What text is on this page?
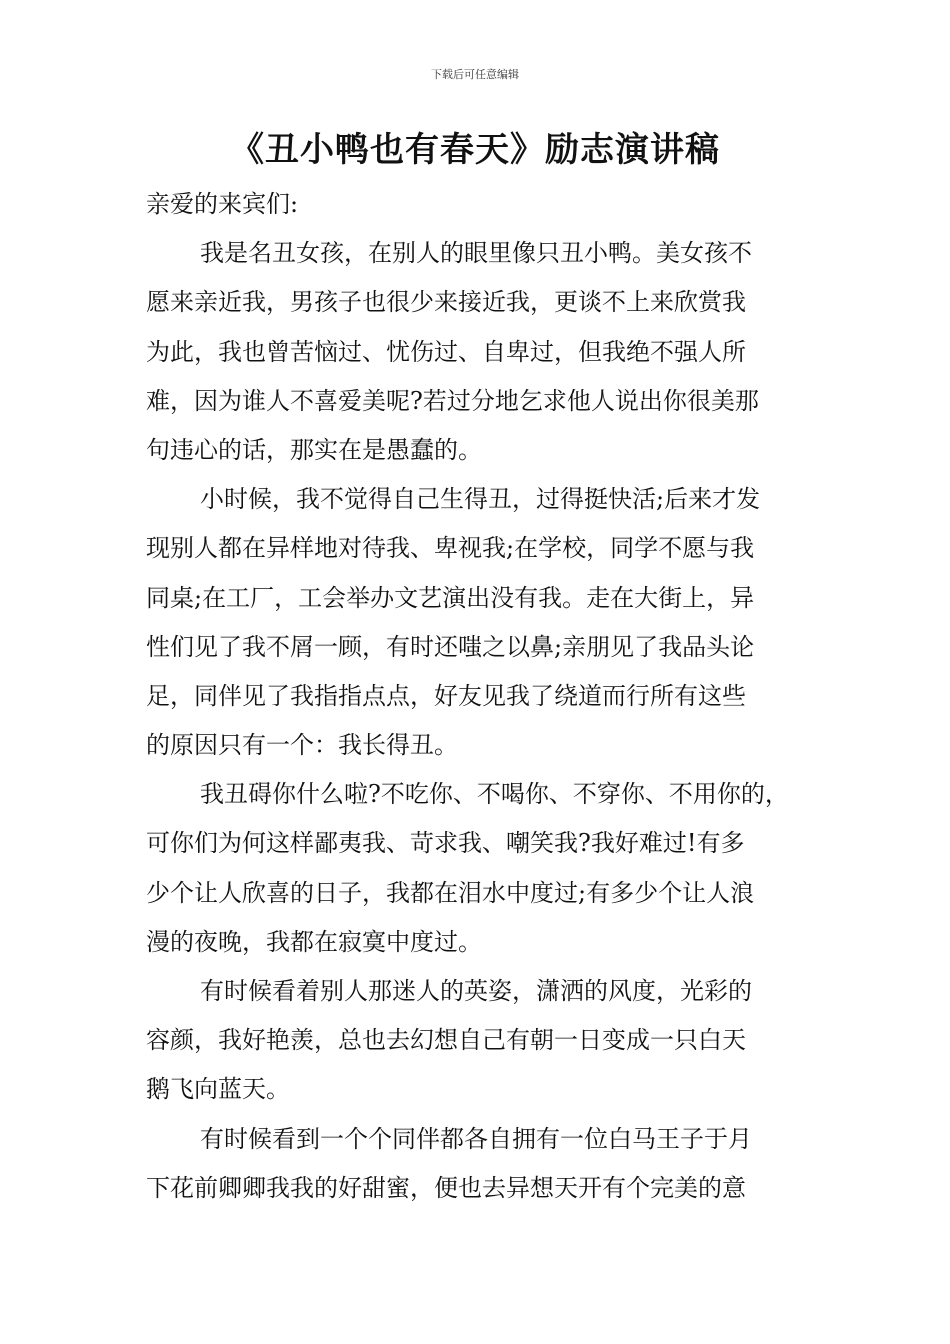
下载后可任意编辑
《丑小鸭也有春天》励志演讲稿
亲爱的来宾们:
我是名丑女孩，在别人的眼里像只丑小鸭。美女孩不
愿来亲近我，男孩子也很少来接近我，更谈不上来欣赏我
为此，我也曾苦恼过、忧伤过、自卑过，但我绝不强人所
难，因为谁人不喜爱美呢?若过分地乞求他人说出你很美那
句违心的话，那实在是愚蠢的。
小时候，我不觉得自己生得丑，过得挺快活;后来才发
现别人都在异样地对待我、卑视我;在学校，同学不愿与我
同桌;在工厂，工会举办文艺演出没有我。走在大街上，异
性们见了我不屑一顾，有时还嗤之以鼻;亲朋见了我品头论
足，同伴见了我指指点点，好友见我了绕道而行所有这些
的原因只有一个：我长得丑。
我丑碍你什么啦?不吃你、不喝你、不穿你、不用你的，
可你们为何这样鄙夷我、苛求我、嘲笑我?我好难过!有多
少个让人欣喜的日子，我都在泪水中度过;有多少个让人浪
漫的夜晚，我都在寂寞中度过。
有时候看着别人那迷人的英姿，潇洒的风度，光彩的
容颜，我好艳羡，总也去幻想自己有朝一日变成一只白天
鹅飞向蓝天。
有时候看到一个个同伴都各自拥有一位白马王子于月
下花前卿卿我我的好甜蜜，便也去异想天开有个完美的意
